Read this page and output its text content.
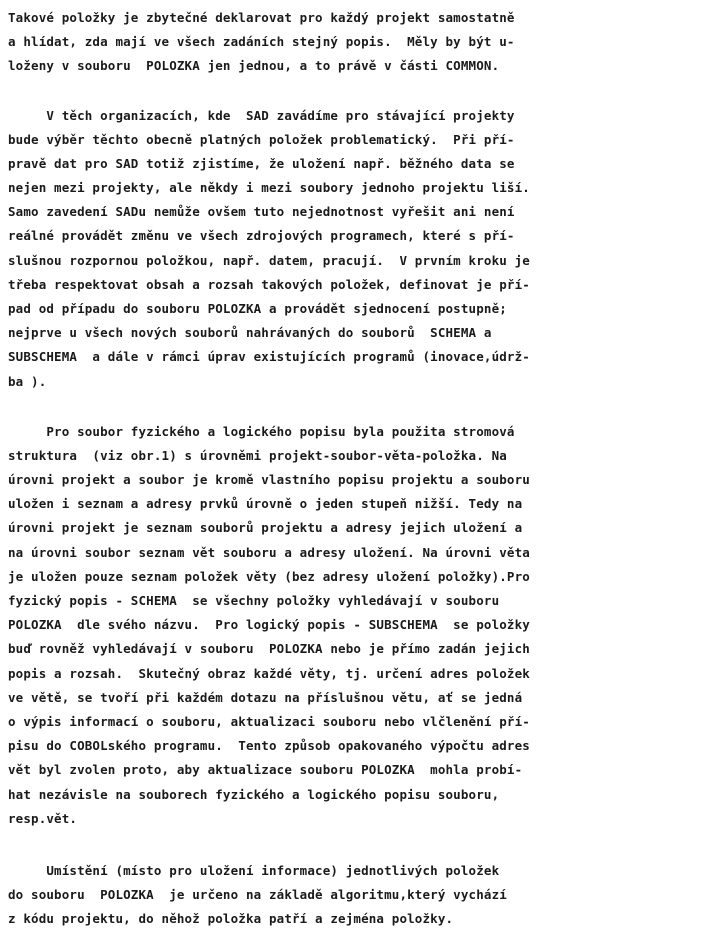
Takové položky je zbytečné deklarovat pro každý projekt samostatně
a hlídat, zda mají ve všech zadáních stejný popis.  Měly by být u-
loženy v souboru  POLOZKA jen jednou, a to právě v části COMMON.
V těch organizacích, kde  SAD zavádíme pro stávající projekty
bude výběr těchto obecně platných položek problematický.  Při pří-
pravě dat pro SAD totiž zjistíme, že uložení např. běžného data se
nejen mezi projekty, ale někdy i mezi soubory jednoho projektu liší.
Samo zavedení SADu nemůže ovšem tuto nejednotnost vyřešit ani není
reálné provádět změnu ve všech zdrojových programech, které s pří-
slušnou rozpornou položkou, např. datem, pracují.  V prvním kroku je
třeba respektovat obsah a rozsah takových položek, definovat je pří-
pad od případu do souboru POLOZKA a provádět sjednocení postupně;
nejprve u všech nových souborů nahrávaných do souborů  SCHEMA a
SUBSCHEMA  a dále v rámci úprav existujících programů (inovace,údrž-
ba ).
Pro soubor fyzického a logického popisu byla použita stromová
struktura  (viz obr.1) s úrovněmi projekt-soubor-věta-položka. Na
úrovni projekt a soubor je kromě vlastního popisu projektu a souboru
uložen i seznam a adresy prvků úrovně o jeden stupeň nižší. Tedy na
úrovni projekt je seznam souborů projektu a adresy jejich uložení a
na úrovni soubor seznam vět souboru a adresy uložení. Na úrovni věta
je uložen pouze seznam položek věty (bez adresy uložení položky).Pro
fyzický popis - SCHEMA  se všechny položky vyhledávají v souboru
POLOZKA  dle svého názvu.  Pro logický popis - SUBSCHEMA  se položky
buď rovněž vyhledávají v souboru  POLOZKA nebo je přímo zadán jejich
popis a rozsah.  Skutečný obraz každé věty, tj. určení adres položek
ve větě, se tvoří při každém dotazu na příslušnou větu, ať se jedná
o výpis informací o souboru, aktualizaci souboru nebo vlčlenění pří-
pisu do COBOLského programu.  Tento způsob opakovaného výpočtu adres
vět byl zvolen proto, aby aktualizace souboru POLOZKA  mohla probí-
hat nezávisle na souborech fyzického a logického popisu souboru,
resp.vět.
Umístění (místo pro uložení informace) jednotlivých položek
do souboru  POLOZKA  je určeno na základě algoritmu,který vychází
z kódu projektu, do něhož položka patří a zejména položky.
